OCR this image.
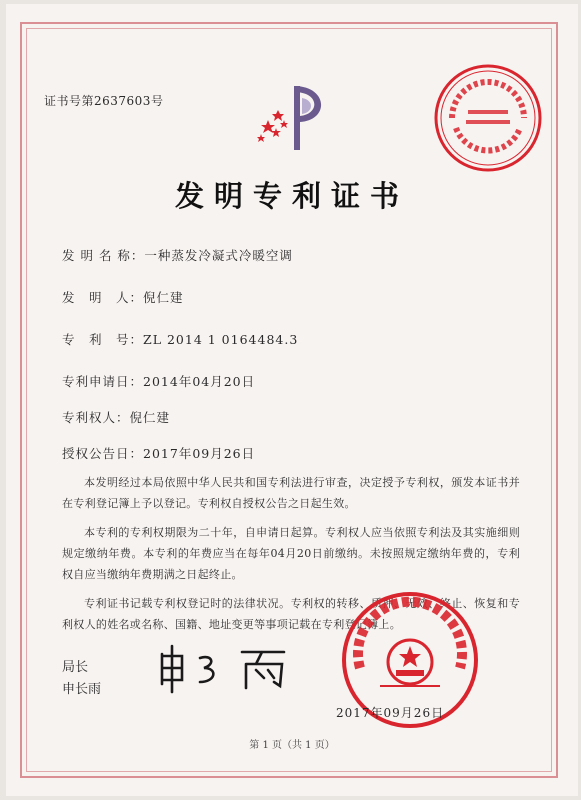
证书号第2637603号
发明专利证书
发 明 名 称：一种蒸发冷凝式冷暖空调
发　明　人：倪仁建
专　利　号：ZL 2014 1 0164484.3
专利申请日：2014年04月20日
专利权人：倪仁建
授权公告日：2017年09月26日

本发明经过本局依照中华人民共和国专利法进行审查，决定授予专利权，颁发本证书并在专利登记簿上予以登记。专利权自授权公告之日起生效。

本专利的专利权期限为二十年，自申请日起算。专利权人应当依照专利法及其实施细则规定缴纳年费。本专利的年费应当在每年04月20日前缴纳。未按照规定缴纳年费的，专利权自应当缴纳年费期满之日起终止。

专利证书记载专利权登记时的法律状况。专利权的转移、质押、无效、终止、恢复和专利权人的姓名或名称、国籍、地址变更等事项记载在专利登记簿上。

局长
申长雨
2017年09月26日
第 1 页（共 1 页）
